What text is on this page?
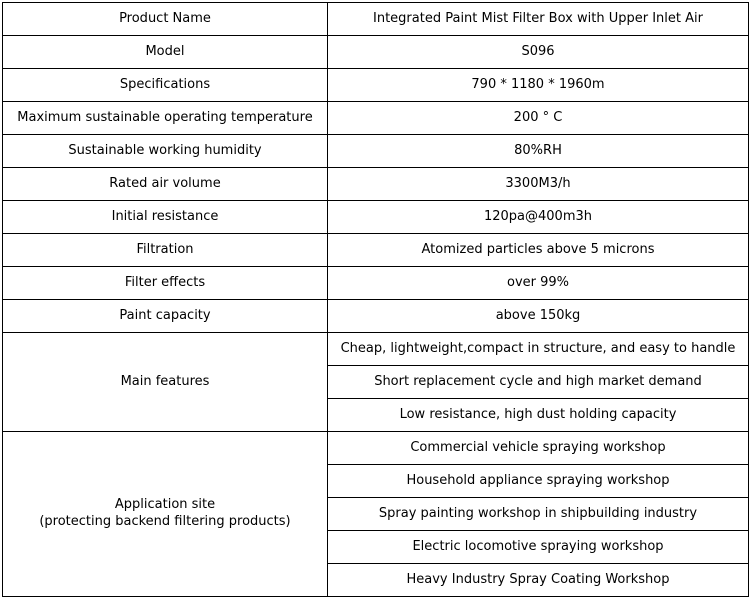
Product Name	Integrated Paint Mist Filter Box with Upper Inlet Air
Model	S096
Specifications	790 * 1180 * 1960m
Maximum sustainable operating temperature	200 ° C
Sustainable working humidity	80%RH
Rated air volume	3300M3/h
Initial resistance	120pa@400m3h
Filtration	Atomized particles above 5 microns
Filter effects	over 99%
Paint capacity	above 150kg
Main features	Cheap, lightweight,compact in structure, and easy to handle
	Short replacement cycle and high market demand
	Low resistance, high dust holding capacity

Application site
(protecting backend filtering products)	Commercial vehicle spraying workshop
	Household appliance spraying workshop
	Spray painting workshop in shipbuilding industry
	Electric locomotive spraying workshop
	Heavy Industry Spray Coating Workshop
